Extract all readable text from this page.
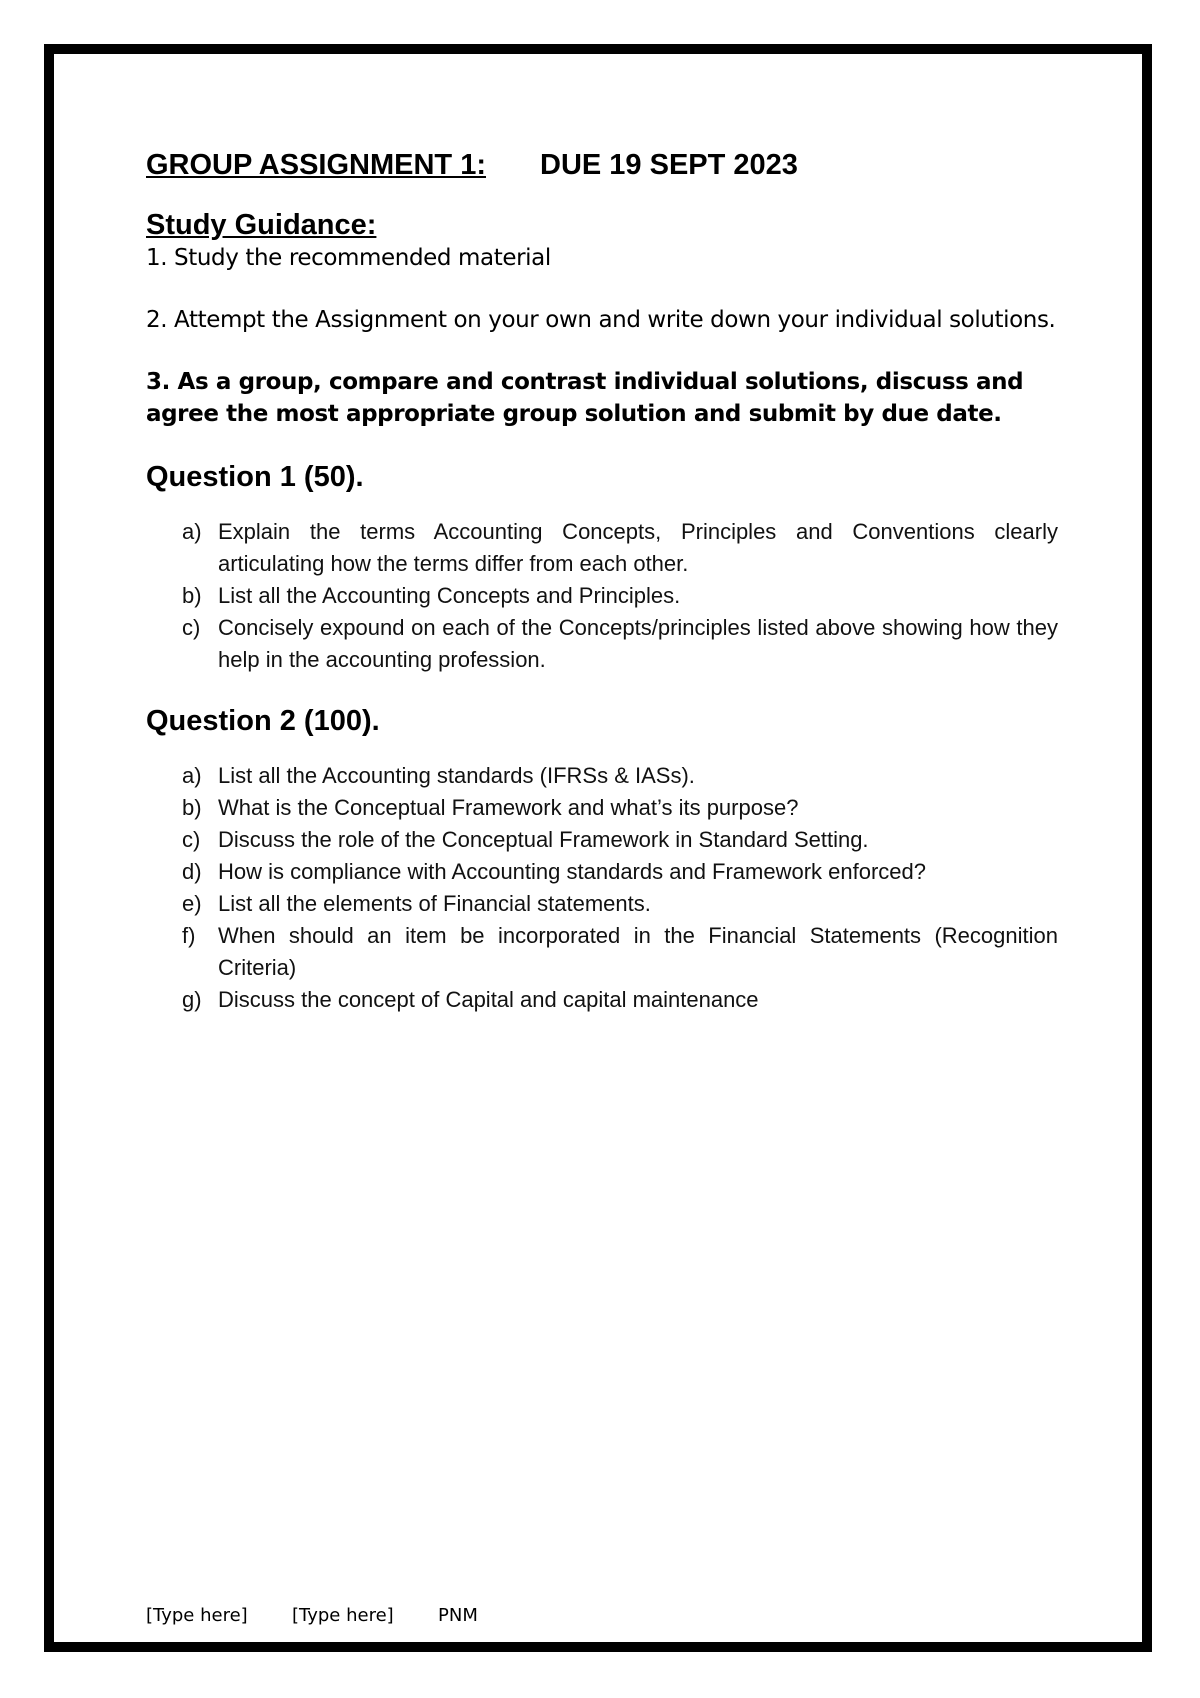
GROUP ASSIGNMENT 1: DUE 19 SEPT 2023
Study Guidance:

1. Study the recommended material

2. Attempt the Assignment on your own and write down your individual solutions.

3. As a group, compare and contrast individual solutions, discuss and agree the most appropriate group solution and submit by due date.

Question 1 (50).
a) Explain the terms Accounting Concepts, Principles and Conventions clearly articulating how the terms differ from each other.
b) List all the Accounting Concepts and Principles.
c) Concisely expound on each of the Concepts/principles listed above showing how they help in the accounting profession.
Question 2 (100).
a) List all the Accounting standards (IFRSs & IASs).
b) What is the Conceptual Framework and what’s its purpose?
c) Discuss the role of the Conceptual Framework in Standard Setting.
d) How is compliance with Accounting standards and Framework enforced?
e) List all the elements of Financial statements.
f) When should an item be incorporated in the Financial Statements (Recognition Criteria)
g) Discuss the concept of Capital and capital maintenance
[Type here] [Type here] PNM
